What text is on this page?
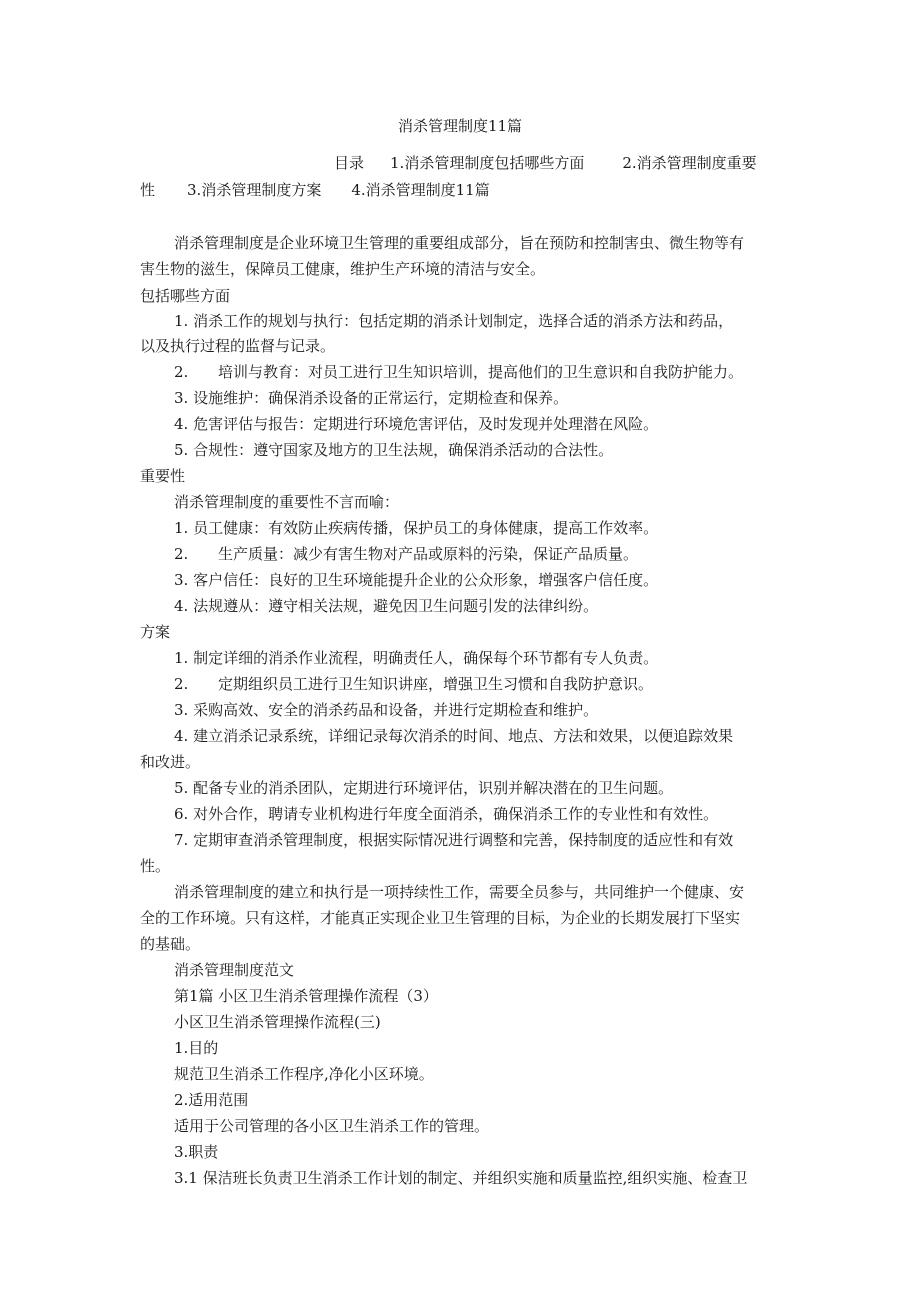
消杀管理制度11篇
目录 1.消杀管理制度包括哪些方面	2.消杀管理制度重要
性 3.消杀管理制度方案 4.消杀管理制度11篇
消杀管理制度是企业环境卫生管理的重要组成部分，旨在预防和控制害虫、微生物等有
害生物的滋生，保障员工健康，维护生产环境的清洁与安全。
包括哪些方面
1. 消杀工作的规划与执行：包括定期的消杀计划制定，选择合适的消杀方法和药品，
以及执行过程的监督与记录。
2. 培训与教育：对员工进行卫生知识培训，提高他们的卫生意识和自我防护能力。
3. 设施维护：确保消杀设备的正常运行，定期检查和保养。
4. 危害评估与报告：定期进行环境危害评估，及时发现并处理潜在风险。
5. 合规性：遵守国家及地方的卫生法规，确保消杀活动的合法性。
重要性
消杀管理制度的重要性不言而喻：
1. 员工健康：有效防止疾病传播，保护员工的身体健康，提高工作效率。
2. 生产质量：减少有害生物对产品或原料的污染，保证产品质量。
3. 客户信任：良好的卫生环境能提升企业的公众形象，增强客户信任度。
4. 法规遵从：遵守相关法规，避免因卫生问题引发的法律纠纷。
方案
1. 制定详细的消杀作业流程，明确责任人，确保每个环节都有专人负责。
2. 定期组织员工进行卫生知识讲座，增强卫生习惯和自我防护意识。
3. 采购高效、安全的消杀药品和设备，并进行定期检查和维护。
4. 建立消杀记录系统，详细记录每次消杀的时间、地点、方法和效果，以便追踪效果
和改进。
5. 配备专业的消杀团队，定期进行环境评估，识别并解决潜在的卫生问题。
6. 对外合作，聘请专业机构进行年度全面消杀，确保消杀工作的专业性和有效性。
7. 定期审查消杀管理制度，根据实际情况进行调整和完善，保持制度的适应性和有效
性。
消杀管理制度的建立和执行是一项持续性工作，需要全员参与，共同维护一个健康、安
全的工作环境。只有这样，才能真正实现企业卫生管理的目标，为企业的长期发展打下坚实
的基础。
消杀管理制度范文
第1篇 小区卫生消杀管理操作流程（3）
小区卫生消杀管理操作流程(三)
1.目的
规范卫生消杀工作程序,净化小区环境。
2.适用范围
适用于公司管理的各小区卫生消杀工作的管理。
3.职责
3.1 保洁班长负责卫生消杀工作计划的制定、并组织实施和质量监控,组织实施、检查卫
